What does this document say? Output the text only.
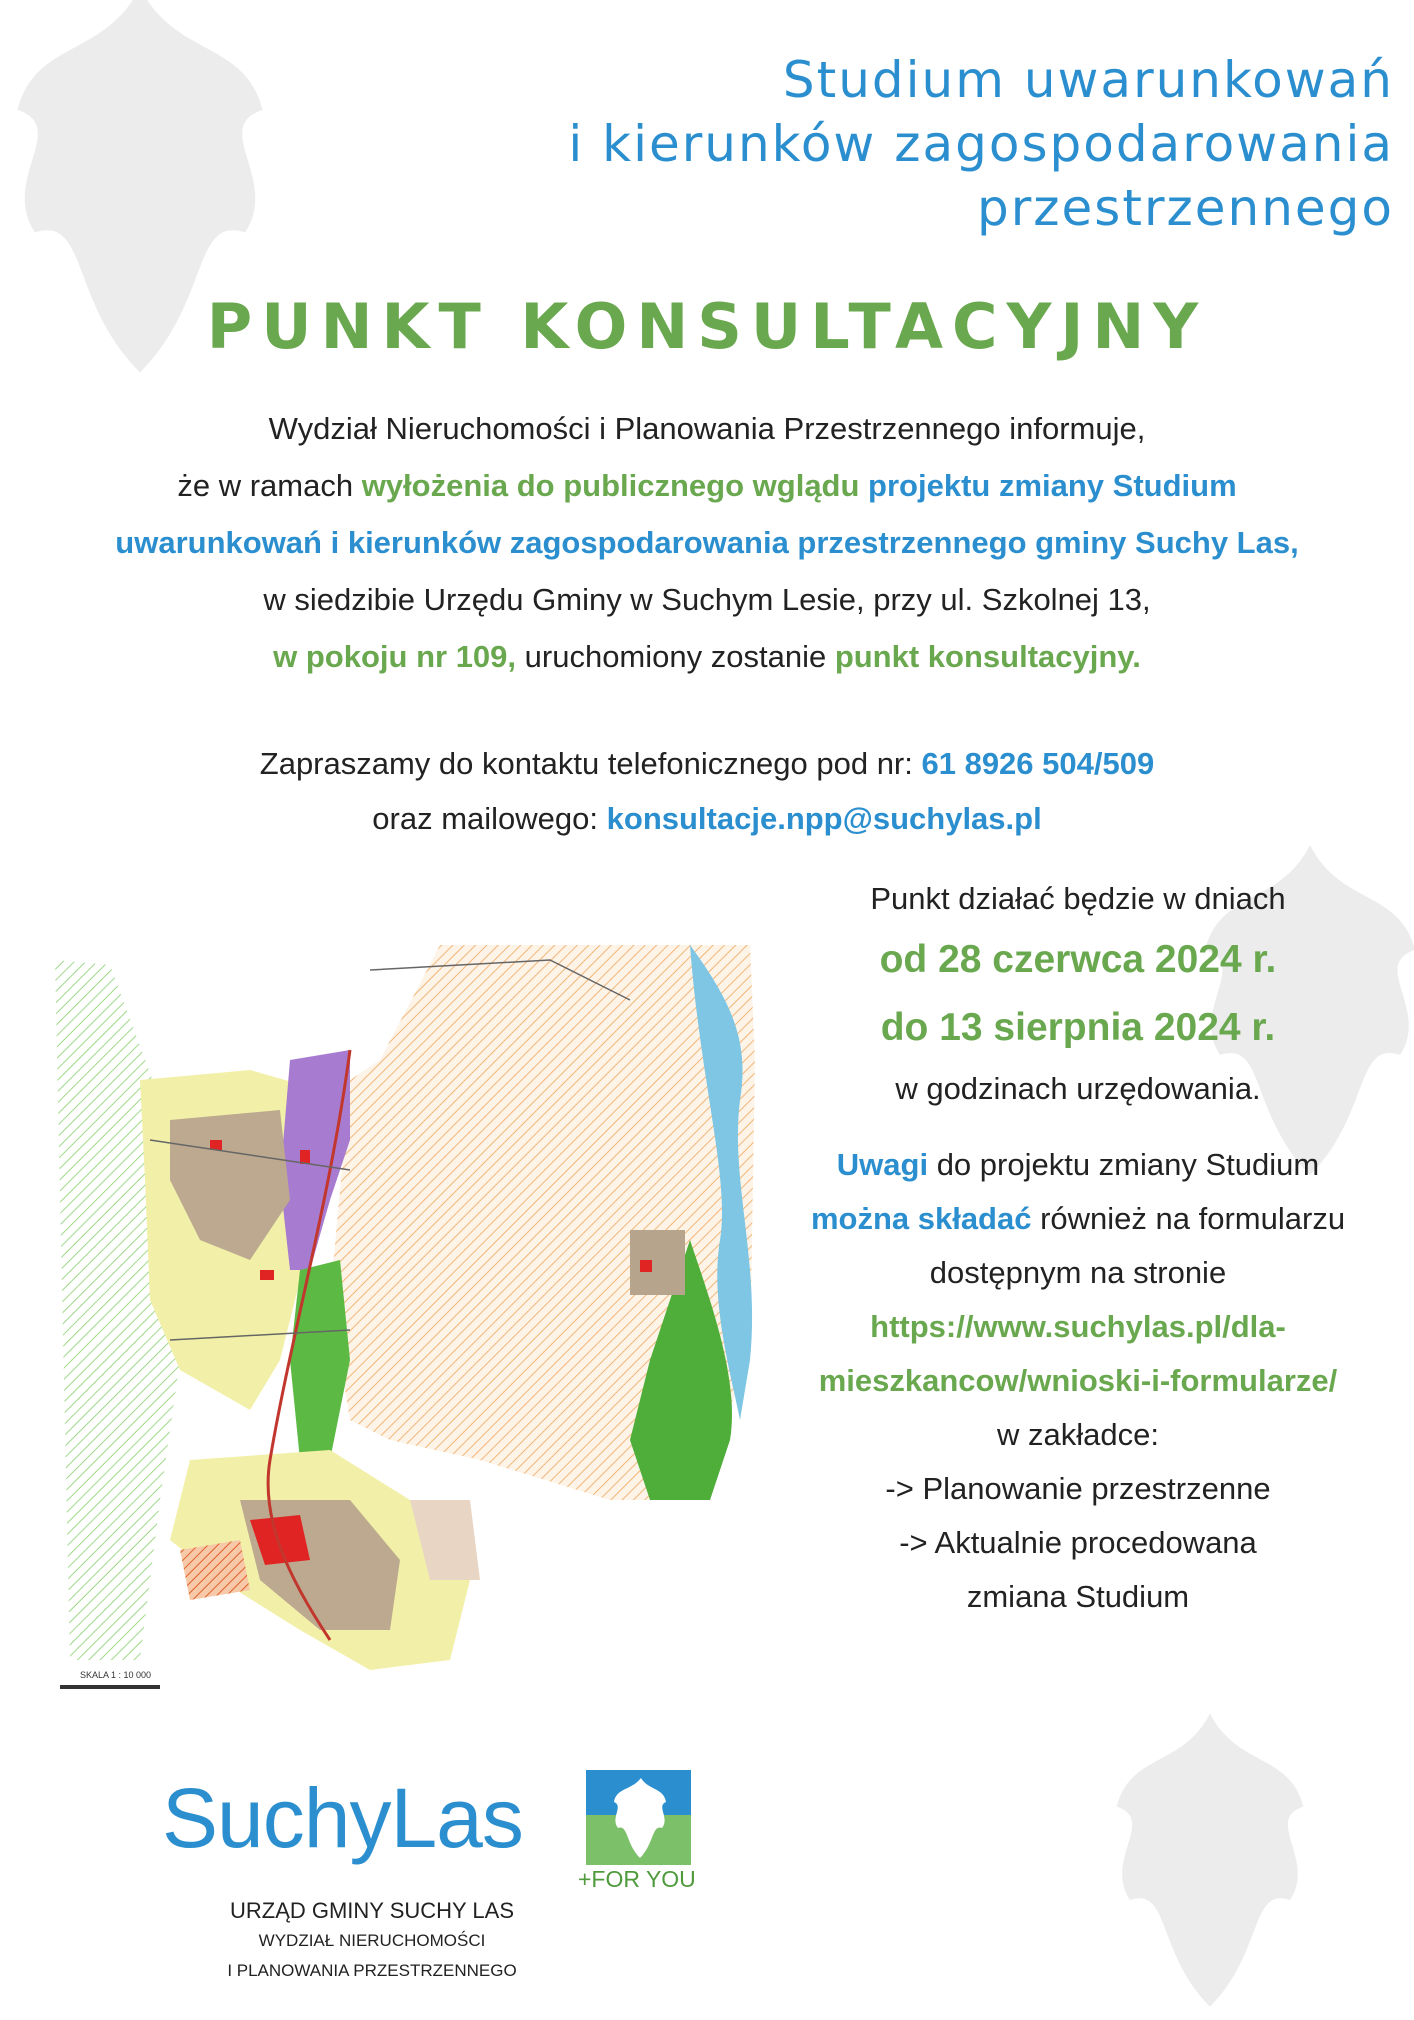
Studium uwarunkowań
i kierunków zagospodarowania
przestrzennego
PUNKT KONSULTACYJNY
Wydział Nieruchomości i Planowania Przestrzennego informuje,
że w ramach wyłożenia do publicznego wglądu projektu zmiany Studium
uwarunkowań i kierunków zagospodarowania przestrzennego gminy Suchy Las,
w siedzibie Urzędu Gminy w Suchym Lesie, przy ul. Szkolnej 13,
w pokoju nr 109, uruchomiony zostanie punkt konsultacyjny.
Zapraszamy do kontaktu telefonicznego pod nr: 61 8926 504/509
oraz mailowego: konsultacje.npp@suchylas.pl
Punkt działać będzie w dniach
od 28 czerwca 2024 r.
do 13 sierpnia 2024 r.
w godzinach urzędowania.
Uwagi do projektu zmiany Studium
można składać również na formularzu
dostępnym na stronie
https://www.suchylas.pl/dla-
mieszkancow/wnioski-i-formularze/
w zakładce:
-> Planowanie przestrzenne
-> Aktualnie procedowana
zmiana Studium
SKALA 1 : 10 000
SuchyLas
+FOR YOU
URZĄD GMINY SUCHY LAS
WYDZIAŁ NIERUCHOMOŚCI
I PLANOWANIA PRZESTRZENNEGO
